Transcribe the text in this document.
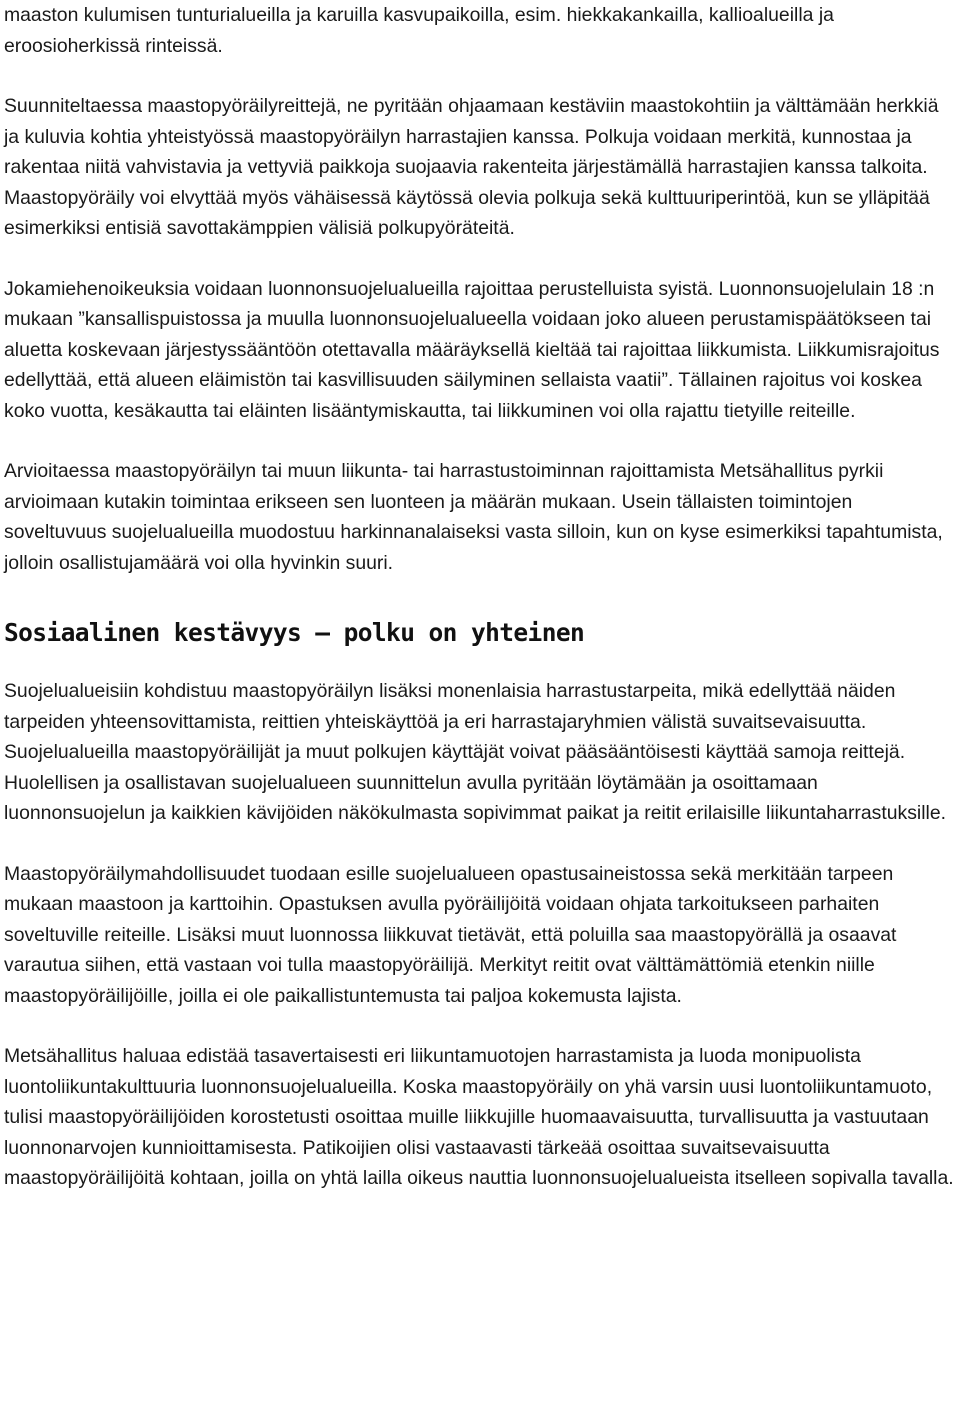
maaston kulumisen tunturialueilla ja karuilla kasvupaikoilla, esim. hiekkakankailla, kallioalueilla ja eroosioherkissä rinteissä.

Suunniteltaessa maastopyöräilyreittejä, ne pyritään ohjaamaan kestäviin maastokohtiin ja välttämään herkkiä ja kuluvia kohtia yhteistyössä maastopyöräilyn harrastajien kanssa. Polkuja voidaan merkitä, kunnostaa ja rakentaa niitä vahvistavia ja vettyviä paikkoja suojaavia rakenteita järjestämällä harrastajien kanssa talkoita. Maastopyöräily voi elvyttää myös vähäisessä käytössä olevia polkuja sekä kulttuuriperintöä, kun se ylläpitää esimerkiksi entisiä savottakämppien välisiä polkupyöräteitä.

Jokamiehenoikeuksia voidaan luonnonsuojelualueilla rajoittaa perustelluista syistä. Luonnonsuojelulain 18 :n mukaan ”kansallispuistossa ja muulla luonnonsuojelualueella voidaan joko alueen perustamispäätökseen tai aluetta koskevaan järjestyssääntöön otettavalla määräyksellä kieltää tai rajoittaa liikkumista. Liikkumisrajoitus edellyttää, että alueen eläimistön tai kasvillisuuden säilyminen sellaista vaatii”. Tällainen rajoitus voi koskea koko vuotta, kesäkautta tai eläinten lisääntymiskautta, tai liikkuminen voi olla rajattu tietyille reiteille.

Arvioitaessa maastopyöräilyn tai muun liikunta- tai harrastustoiminnan rajoittamista Metsähallitus pyrkii arvioimaan kutakin toimintaa erikseen sen luonteen ja määrän mukaan. Usein tällaisten toimintojen soveltuvuus suojelualueilla muodostuu harkinnanalaiseksi vasta silloin, kun on kyse esimerkiksi tapahtumista, jolloin osallistujamäärä voi olla hyvinkin suuri.

Sosiaalinen kestävyys – polku on yhteinen

Suojelualueisiin kohdistuu maastopyöräilyn lisäksi monenlaisia harrastustarpeita, mikä edellyttää näiden tarpeiden yhteensovittamista, reittien yhteiskäyttöä ja eri harrastajaryhmien välistä suvaitsevaisuutta. Suojelualueilla maastopyöräilijät ja muut polkujen käyttäjät voivat pääsääntöisesti käyttää samoja reittejä. Huolellisen ja osallistavan suojelualueen suunnittelun avulla pyritään löytämään ja osoittamaan luonnonsuojelun ja kaikkien kävijöiden näkökulmasta sopivimmat paikat ja reitit erilaisille liikuntaharrastuksille.

Maastopyöräilymahdollisuudet tuodaan esille suojelualueen opastusaineistossa sekä merkitään tarpeen mukaan maastoon ja karttoihin. Opastuksen avulla pyöräilijöitä voidaan ohjata tarkoitukseen parhaiten soveltuville reiteille. Lisäksi muut luonnossa liikkuvat tietävät, että poluilla saa maastopyörällä ja osaavat varautua siihen, että vastaan voi tulla maastopyöräilijä. Merkityt reitit ovat välttämättömiä etenkin niille maastopyöräilijöille, joilla ei ole paikallistuntemusta tai paljoa kokemusta lajista.

Metsähallitus haluaa edistää tasavertaisesti eri liikuntamuotojen harrastamista ja luoda monipuolista luontoliikuntakulttuuria luonnonsuojelualueilla. Koska maastopyöräily on yhä varsin uusi luontoliikuntamuoto, tulisi maastopyöräilijöiden korostetusti osoittaa muille liikkujille huomaavaisuutta, turvallisuutta ja vastuutaan luonnonarvojen kunnioittamisesta. Patikoijien olisi vastaavasti tärkeää osoittaa suvaitsevaisuutta maastopyöräilijöitä kohtaan, joilla on yhtä lailla oikeus nauttia luonnonsuojelualueista itselleen sopivalla tavalla.
